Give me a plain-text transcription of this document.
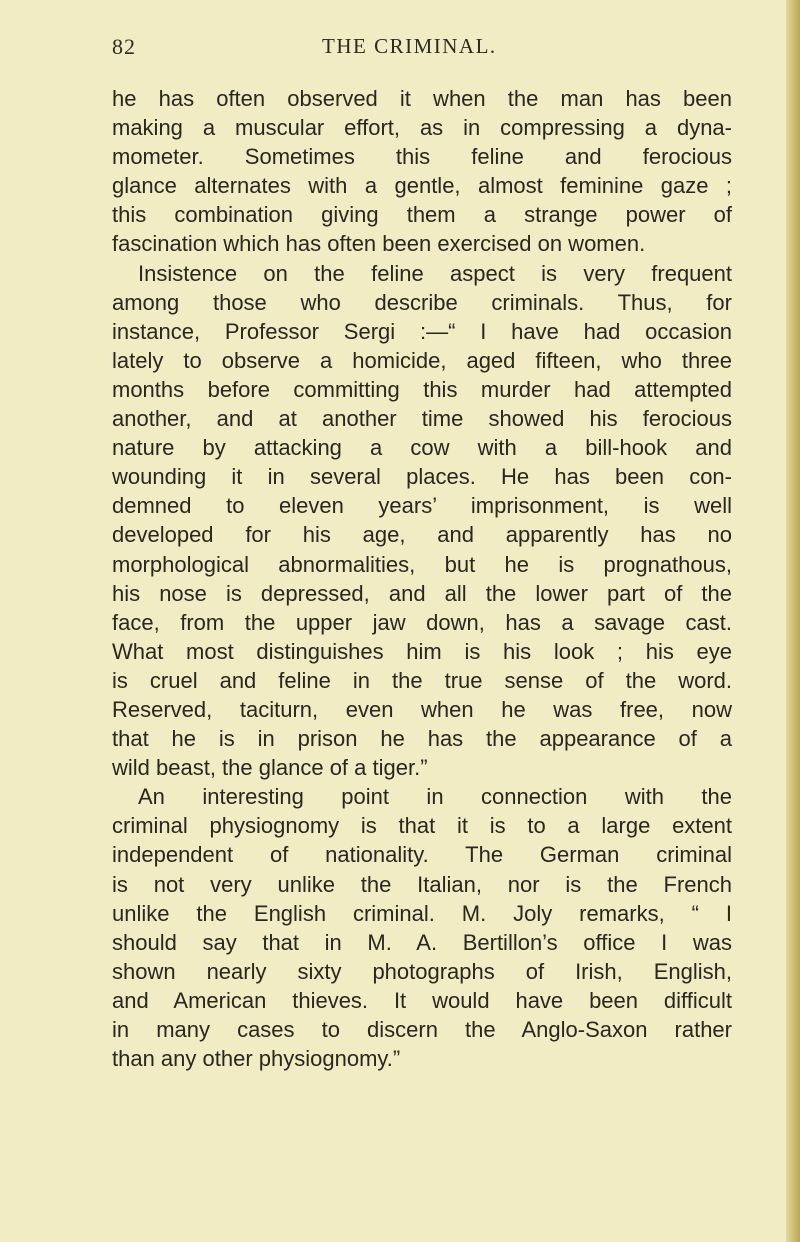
82	THE CRIMINAL.
he has often observed it when the man has been
making a muscular effort, as in compressing a dyna-
mometer. Sometimes this feline and ferocious
glance alternates with a gentle, almost feminine gaze ;
this combination giving them a strange power of
fascination which has often been exercised on women.
Insistence on the feline aspect is very frequent
among those who describe criminals. Thus, for
instance, Professor Sergi :—“ I have had occasion
lately to observe a homicide, aged fifteen, who three
months before committing this murder had attempted
another, and at another time showed his ferocious
nature by attacking a cow with a bill-hook and
wounding it in several places. He has been con-
demned to eleven years’ imprisonment, is well
developed for his age, and apparently has no
morphological abnormalities, but he is prognathous,
his nose is depressed, and all the lower part of the
face, from the upper jaw down, has a savage cast.
What most distinguishes him is his look ; his eye
is cruel and feline in the true sense of the word.
Reserved, taciturn, even when he was free, now
that he is in prison he has the appearance of a
wild beast, the glance of a tiger.”
An interesting point in connection with the
criminal physiognomy is that it is to a large extent
independent of nationality. The German criminal
is not very unlike the Italian, nor is the French
unlike the English criminal. M. Joly remarks, “ I
should say that in M. A. Bertillon’s office I was
shown nearly sixty photographs of Irish, English,
and American thieves. It would have been difficult
in many cases to discern the Anglo-Saxon rather
than any other physiognomy.”
